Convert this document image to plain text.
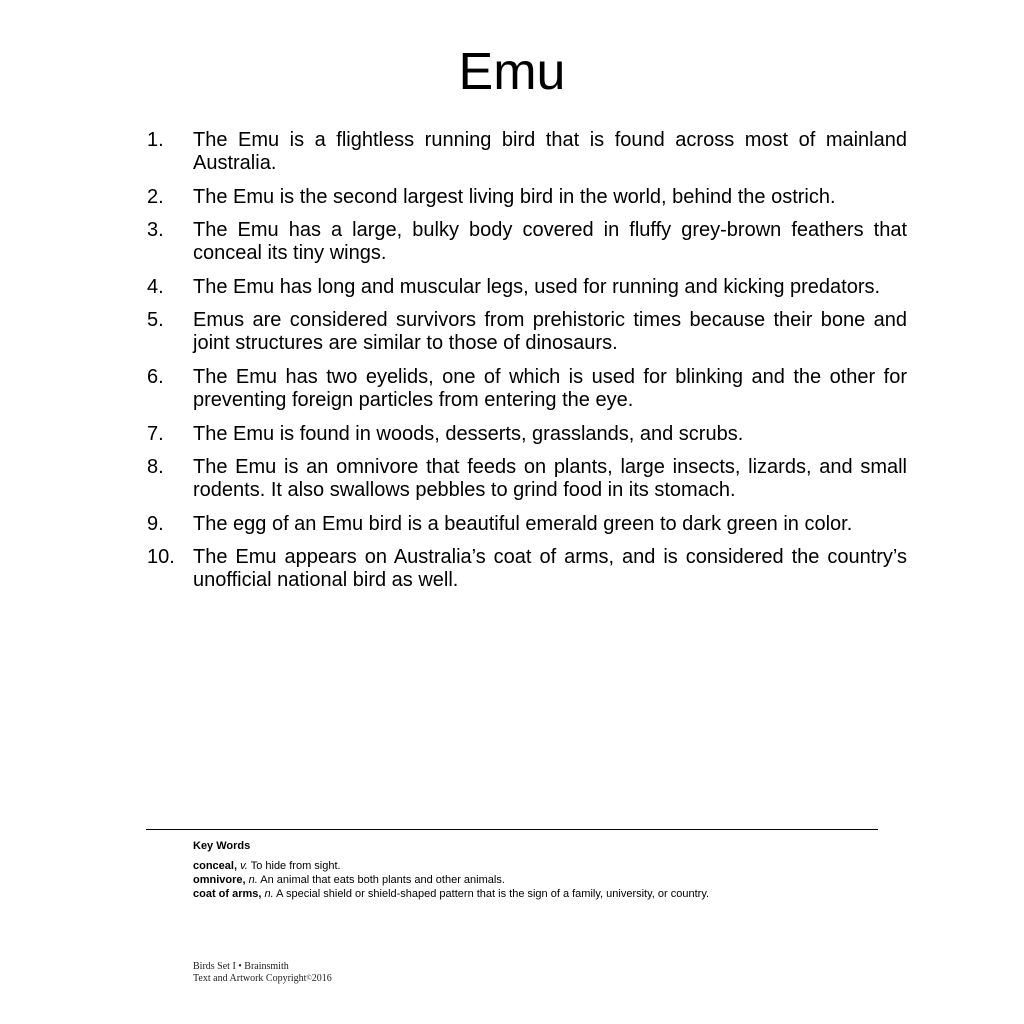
Emu
1.	The Emu is a flightless running bird that is found across most of mainland Australia.
2.	The Emu is the second largest living bird in the world, behind the ostrich.
3.	The Emu has a large, bulky body covered in fluffy grey-brown feathers that conceal its tiny wings.
4.	The Emu has long and muscular legs, used for running and kicking predators.
5.	Emus are considered survivors from prehistoric times because their bone and joint structures are similar to those of dinosaurs.
6.	The Emu has two eyelids, one of which is used for blinking and the other for preventing foreign particles from entering the eye.
7.	The Emu is found in woods, desserts, grasslands, and scrubs.
8.	The Emu is an omnivore that feeds on plants, large insects, lizards, and small rodents. It also swallows pebbles to grind food in its stomach.
9.	The egg of an Emu bird is a beautiful emerald green to dark green in color.
10. The Emu appears on Australia’s coat of arms, and is considered the country’s unofficial national bird as well.
Key Words
conceal, v. To hide from sight.
omnivore, n. An animal that eats both plants and other animals.
coat of arms, n. A special shield or shield-shaped pattern that is the sign of a family, university, or country.
Birds Set I • Brainsmith
Text and Artwork Copyright©2016
